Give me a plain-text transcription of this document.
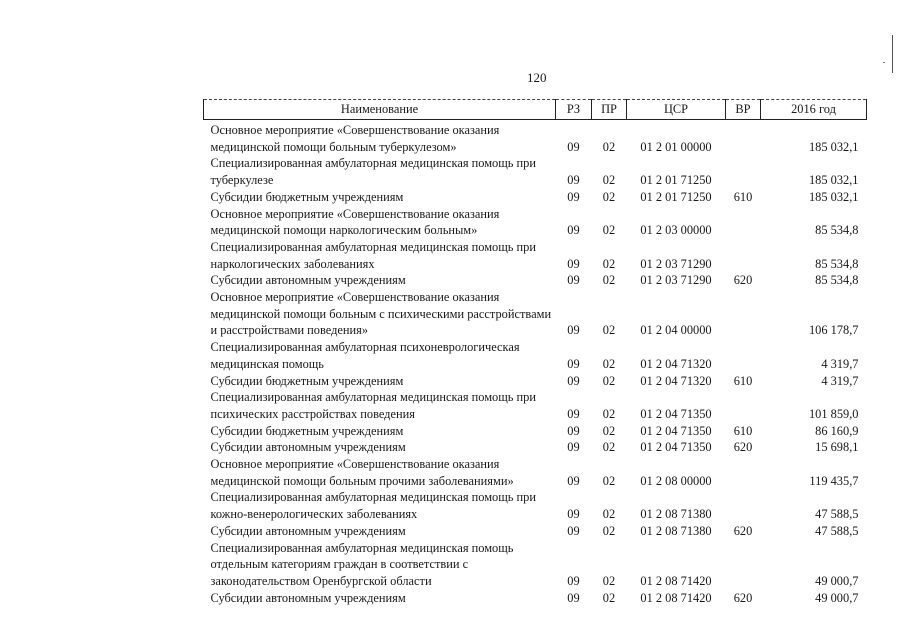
120
Наименование	РЗ	ПР	ЦСР	ВР	2016 год
Основное мероприятие «Совершенствование оказания медицинской помощи больным туберкулезом»	09	02	01 2 01 00000		185 032,1
Специализированная амбулаторная медицинская помощь при туберкулезе	09	02	01 2 01 71250		185 032,1
Субсидии бюджетным учреждениям	09	02	01 2 01 71250	610	185 032,1
Основное мероприятие «Совершенствование оказания медицинской помощи наркологическим больным»	09	02	01 2 03 00000		85 534,8
Специализированная амбулаторная медицинская помощь при наркологических заболеваниях	09	02	01 2 03 71290		85 534,8
Субсидии автономным учреждениям	09	02	01 2 03 71290	620	85 534,8
Основное мероприятие «Совершенствование оказания медицинской помощи больным с психическими расстройствами и расстройствами поведения»	09	02	01 2 04 00000		106 178,7
Специализированная амбулаторная психоневрологическая медицинская помощь	09	02	01 2 04 71320		4 319,7
Субсидии бюджетным учреждениям	09	02	01 2 04 71320	610	4 319,7
Специализированная амбулаторная медицинская помощь при психических расстройствах поведения	09	02	01 2 04 71350		101 859,0
Субсидии бюджетным учреждениям	09	02	01 2 04 71350	610	86 160,9
Субсидии автономным учреждениям	09	02	01 2 04 71350	620	15 698,1
Основное мероприятие «Совершенствование оказания медицинской помощи больным прочими заболеваниями»	09	02	01 2 08 00000		119 435,7
Специализированная амбулаторная медицинская помощь при кожно-венерологических заболеваниях	09	02	01 2 08 71380		47 588,5
Субсидии автономным учреждениям	09	02	01 2 08 71380	620	47 588,5
Специализированная амбулаторная медицинская помощь отдельным категориям граждан в соответствии с законодательством Оренбургской области	09	02	01 2 08 71420		49 000,7
Субсидии автономным учреждениям	09	02	01 2 08 71420	620	49 000,7
